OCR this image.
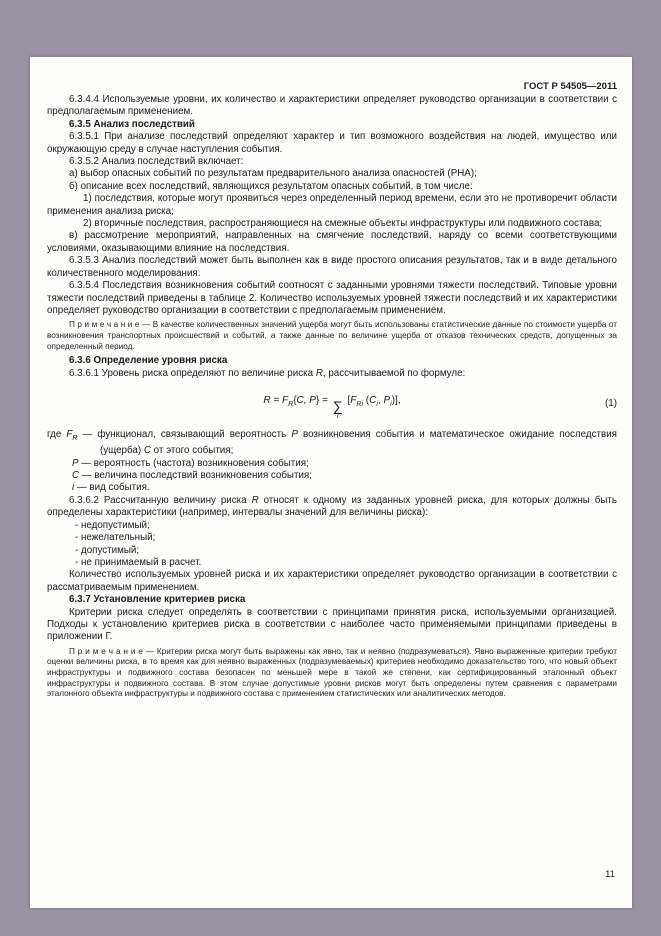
ГОСТ Р 54505—2011
6.3.4.4 Используемые уровни, их количество и характеристики определяет руководство организации в соответствии с предполагаемым применением.
6.3.5 Анализ последствий
6.3.5.1 При анализе последствий определяют характер и тип возможного воздействия на людей, имущество или окружающую среду в случае наступления события.
6.3.5.2 Анализ последствий включает:
а) выбор опасных событий по результатам предварительного анализа опасностей (PHA);
б) описание всех последствий, являющихся результатом опасных событий, в том числе:
1) последствия, которые могут проявиться через определенный период времени, если это не противоречит области применения анализа риска;
2) вторичные последствия, распространяющиеся на смежные объекты инфраструктуры или подвижного состава;
в) рассмотрение мероприятий, направленных на смягчение последствий, наряду со всеми соответствующими условиями, оказывающими влияние на последствия.
6.3.5.3 Анализ последствий может быть выполнен как в виде простого описания результатов, так и в виде детального количественного моделирования.
6.3.5.4 Последствия возникновения событий соотносят с заданными уровнями тяжести последствий. Типовые уровни тяжести последствий приведены в таблице 2. Количество используемых уровней тяжести последствий и их характеристики определяет руководство организации в соответствии с предполагаемым применением.
П р и м е ч а н и е — В качестве количественных значений ущерба могут быть использованы статистические данные по стоимости ущерба от возникновения транспортных происшествий и событий, а также данные по величине ущерба от отказов технических средств, допущенных за определенный период.
6.3.6 Определение уровня риска
6.3.6.1 Уровень риска определяют по величине риска R, рассчитываемой по формуле:
$R = F_R\{C$, P} = ∑
i
[$F_{Ri}$ ($C_i$, $P_i$)],	(1)
где $F_R$ — функционал, связывающий вероятность P возникновения события и математическое ожидание последствия (ущерба) C от этого события;
P — вероятность (частота) возникновения события;
C — величина последствий возникновения события;
i — вид события.
6.3.6.2 Рассчитанную величину риска R относят к одному из заданных уровней риска, для которых должны быть определены характеристики (например, интервалы значений для величины риска):
- недопустимый;
- нежелательный;
- допустимый;
- не принимаемый в расчет.
Количество используемых уровней риска и их характеристики определяет руководство организации в соответствии с рассматриваемым применением.
6.3.7 Установление критериев риска
Критерии риска следует определять в соответствии с принципами принятия риска, используемыми организацией. Подходы к установлению критериев риска в соответствии с наиболее часто применяемыми принципами приведены в приложении Г.
П р и м е ч а н и е — Критерии риска могут быть выражены как явно, так и неявно (подразумеваться). Явно выраженные критерии требуют оценки величины риска, в то время как для неявно выраженных (подразумеваемых) критериев необходимо доказательство того, что новый объект инфраструктуры и подвижного состава безопасен по меньшей мере в такой же степени, как сертифицированный эталонный объект инфраструктуры и подвижного состава. В этом случае допустимые уровни рисков могут быть определены путем сравнения с параметрами эталонного объекта инфраструктуры и подвижного состава с применением статистических или аналитических методов.
11
